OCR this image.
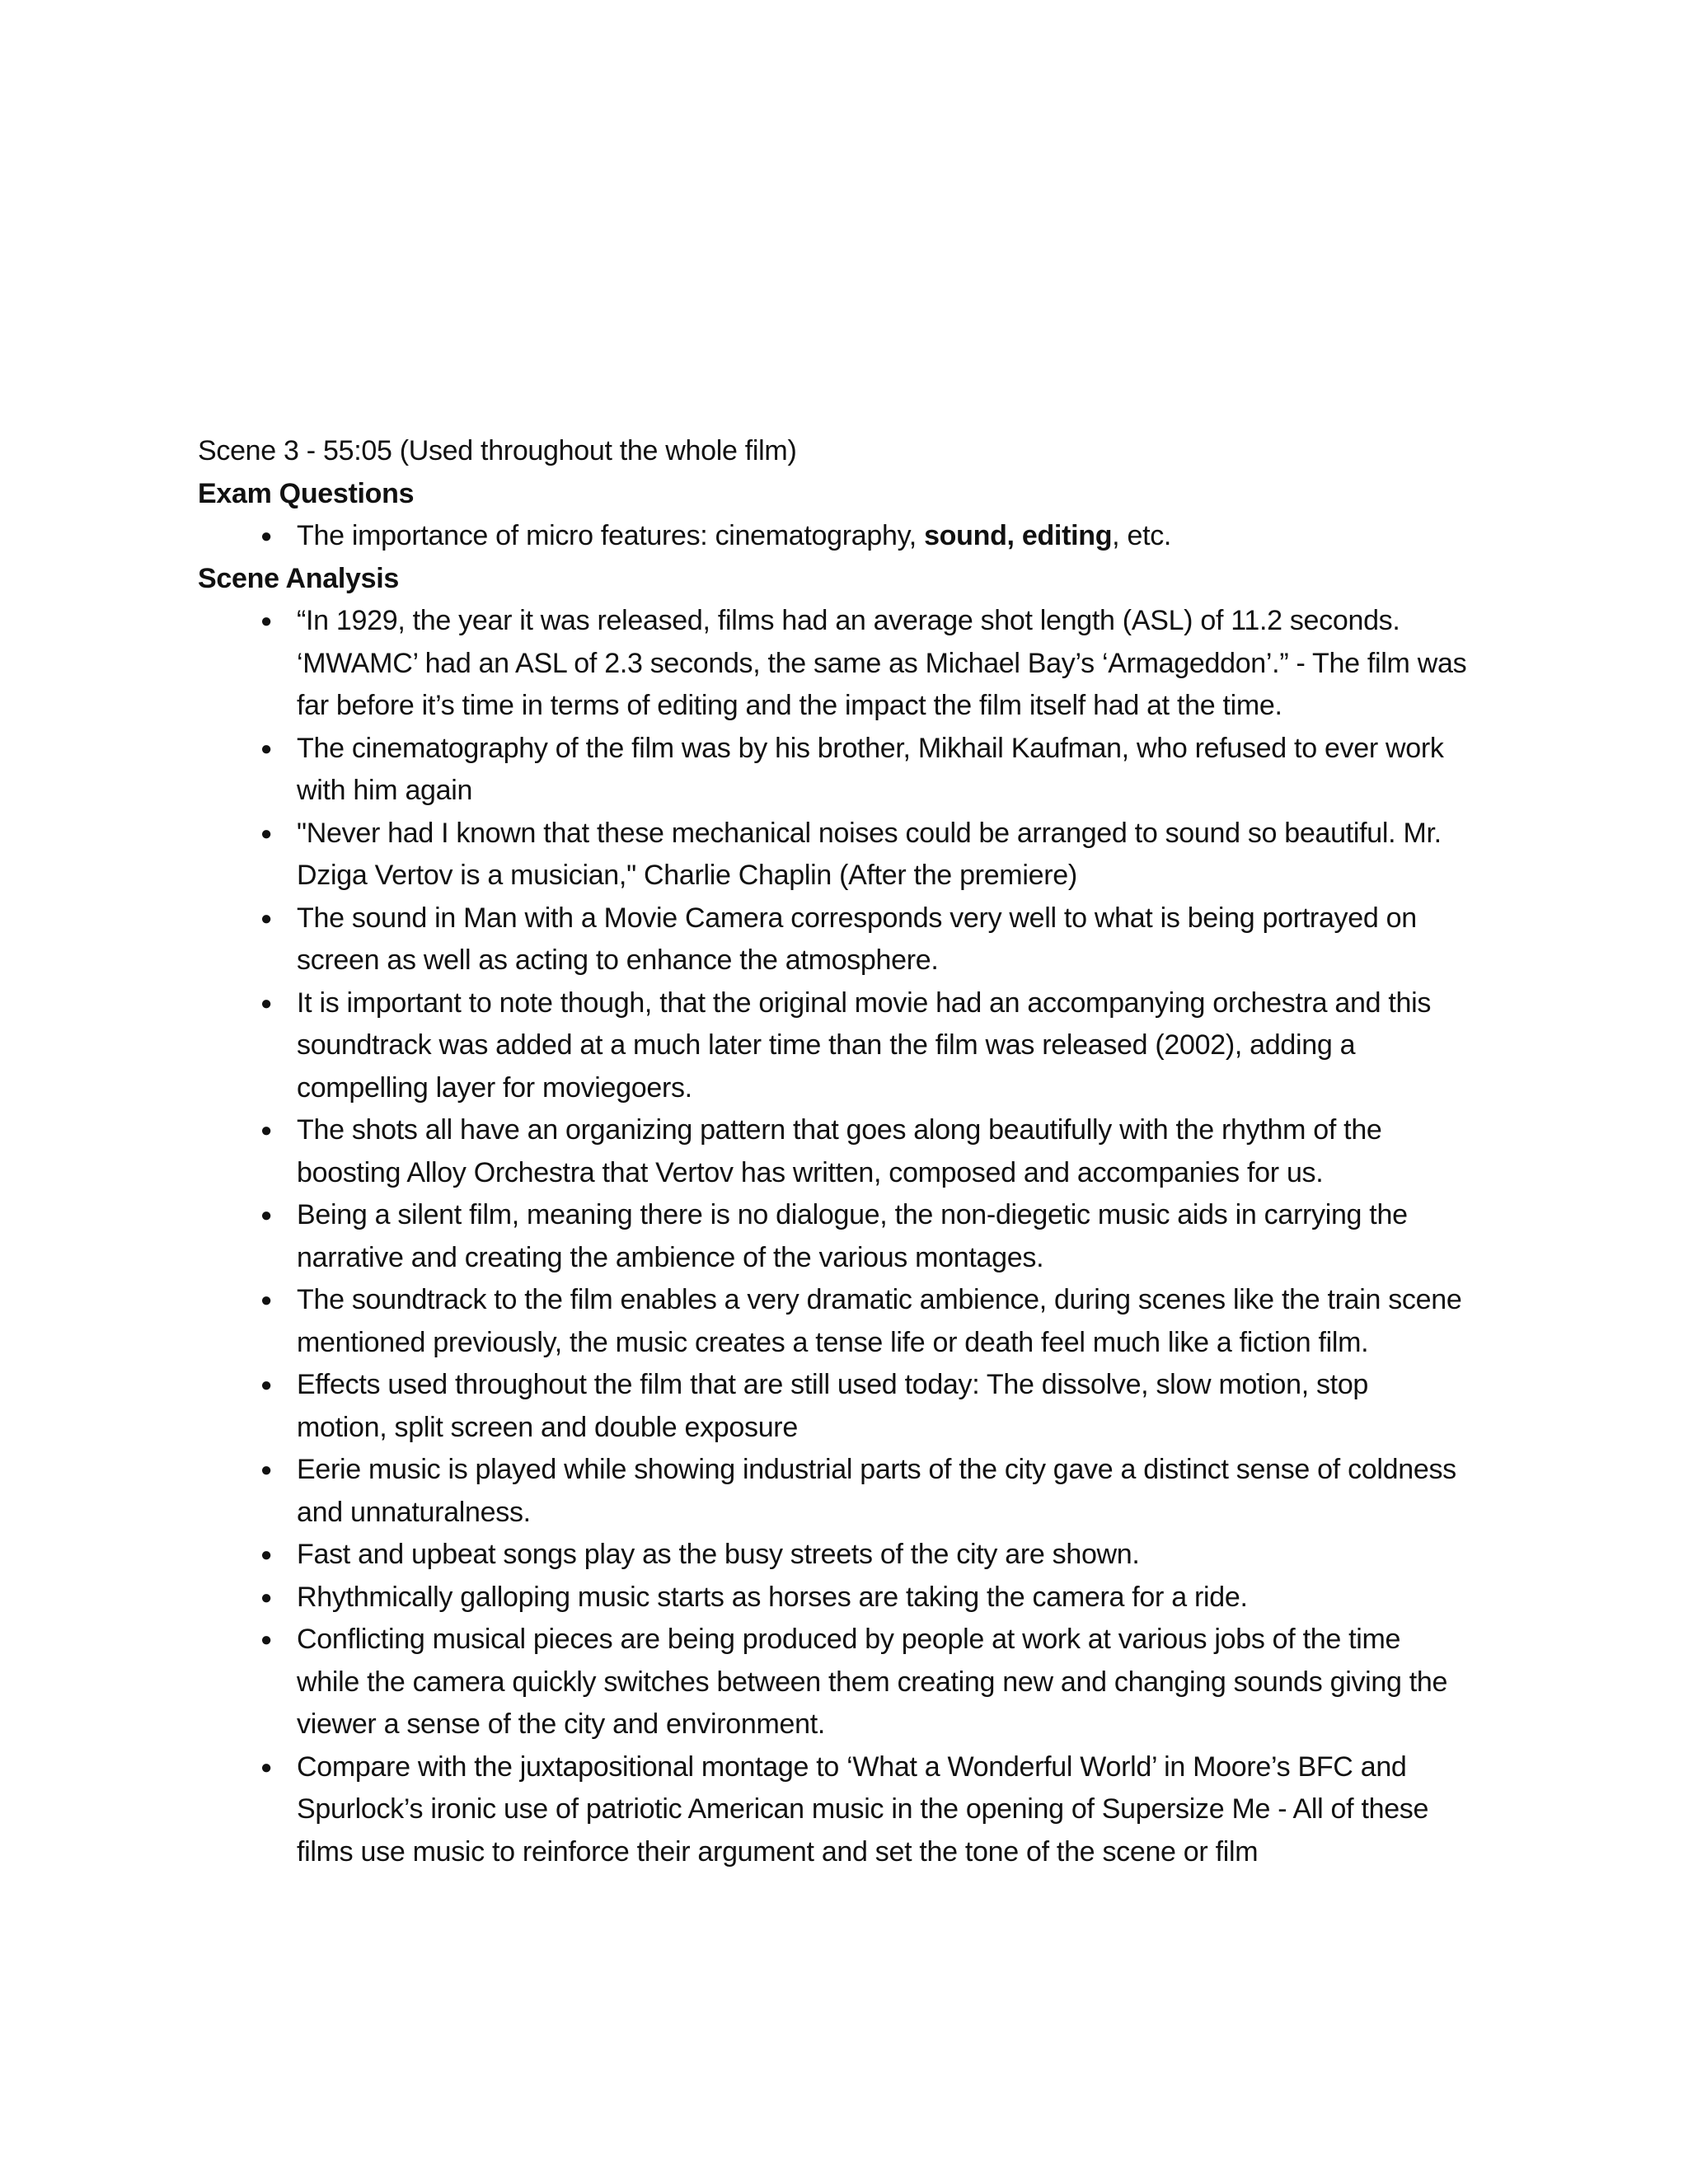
Scene 3 - 55:05 (Used throughout the whole film)

Exam Questions

● The importance of micro features: cinematography, sound, editing, etc.

Scene Analysis

● “In 1929, the year it was released, films had an average shot length (ASL) of 11.2 seconds.
‘MWAMC’ had an ASL of 2.3 seconds, the same as Michael Bay’s ‘Armageddon’.” - The film was
far before it’s time in terms of editing and the impact the film itself had at the time.
● The cinematography of the film was by his brother, Mikhail Kaufman, who refused to ever work
with him again
● "Never had I known that these mechanical noises could be arranged to sound so beautiful. Mr.
Dziga Vertov is a musician," Charlie Chaplin (After the premiere)
● The sound in Man with a Movie Camera corresponds very well to what is being portrayed on
screen as well as acting to enhance the atmosphere.
● It is important to note though, that the original movie had an accompanying orchestra and this
soundtrack was added at a much later time than the film was released (2002), adding a
compelling layer for moviegoers.
● The shots all have an organizing pattern that goes along beautifully with the rhythm of the
boosting Alloy Orchestra that Vertov has written, composed and accompanies for us.
● Being a silent film, meaning there is no dialogue, the non-diegetic music aids in carrying the
narrative and creating the ambience of the various montages.
● The soundtrack to the film enables a very dramatic ambience, during scenes like the train scene
mentioned previously, the music creates a tense life or death feel much like a fiction film.
● Effects used throughout the film that are still used today: The dissolve, slow motion, stop
motion, split screen and double exposure
● Eerie music is played while showing industrial parts of the city gave a distinct sense of coldness
and unnaturalness.
● Fast and upbeat songs play as the busy streets of the city are shown.
● Rhythmically galloping music starts as horses are taking the camera for a ride.
● Conflicting musical pieces are being produced by people at work at various jobs of the time
while the camera quickly switches between them creating new and changing sounds giving the
viewer a sense of the city and environment.
● Compare with the juxtapositional montage to ‘What a Wonderful World’ in Moore’s BFC and
Spurlock’s ironic use of patriotic American music in the opening of Supersize Me - All of these
films use music to reinforce their argument and set the tone of the scene or film
